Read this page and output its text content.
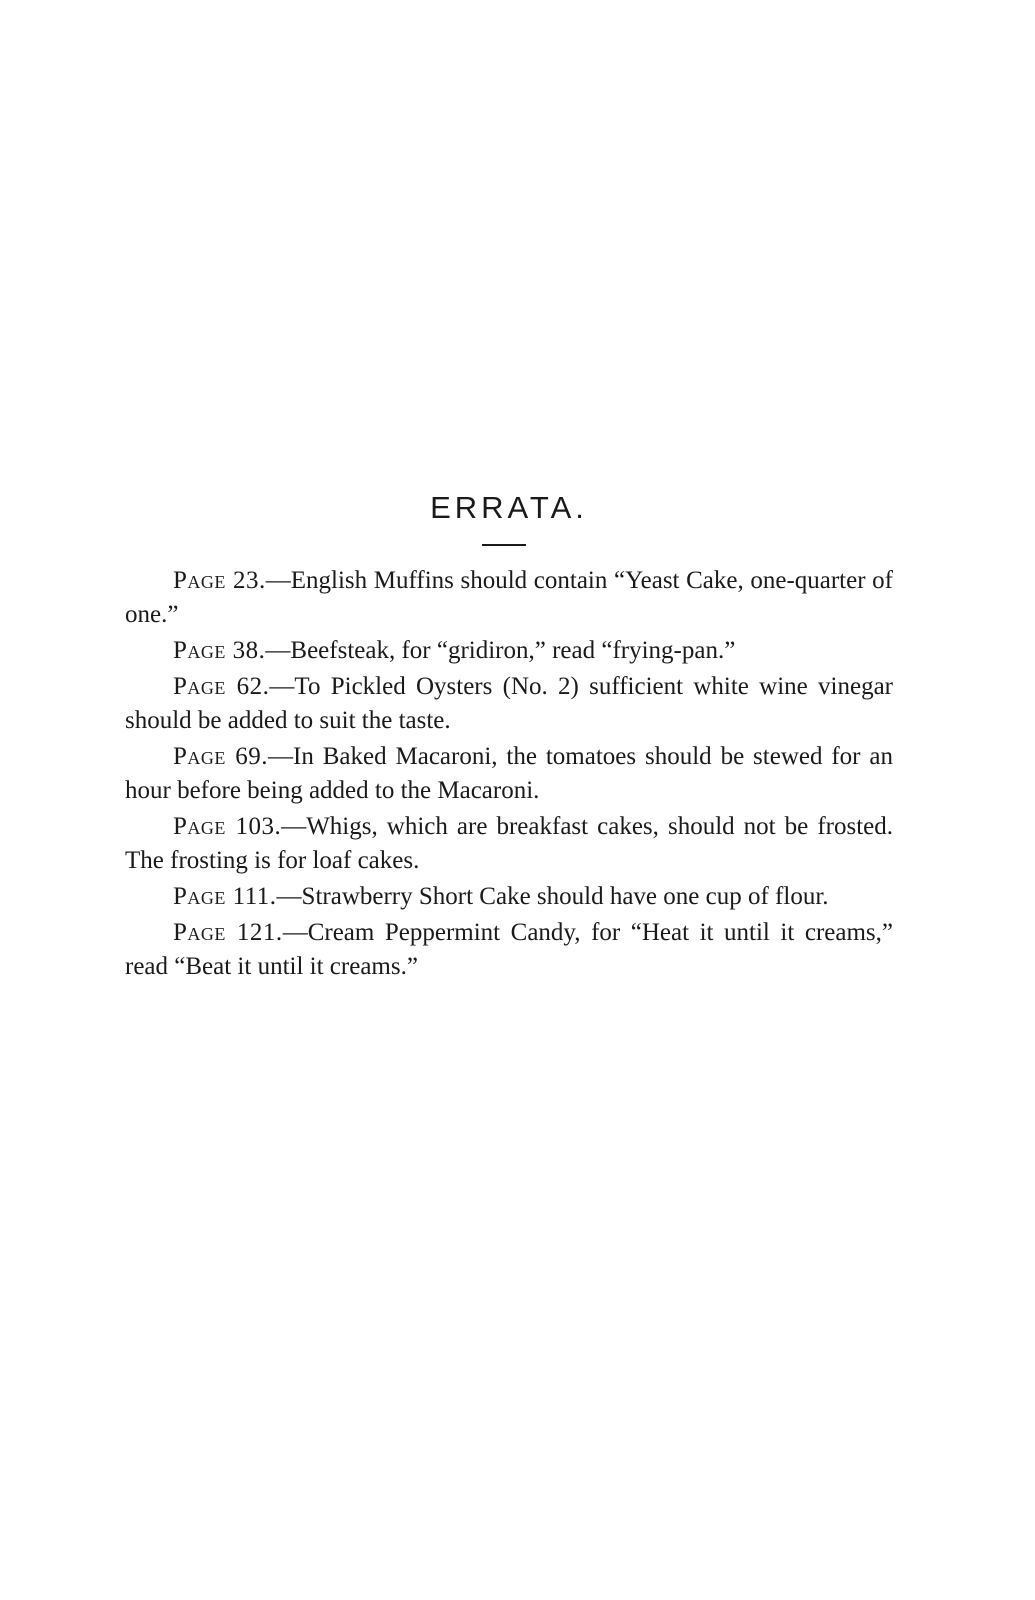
ERRATA.

Page 23.—English Muffins should contain “Yeast Cake, one-quarter of one.”

Page 38.—Beefsteak, for “gridiron,” read “frying-pan.”

Page 62.—To Pickled Oysters (No. 2) sufficient white wine vinegar should be added to suit the taste.

Page 69.—In Baked Macaroni, the tomatoes should be stewed for an hour before being added to the Macaroni.

Page 103.—Whigs, which are breakfast cakes, should not be frosted. The frosting is for loaf cakes.

Page 111.—Strawberry Short Cake should have one cup of flour.

Page 121.—Cream Peppermint Candy, for “Heat it until it creams,” read “Beat it until it creams.”
